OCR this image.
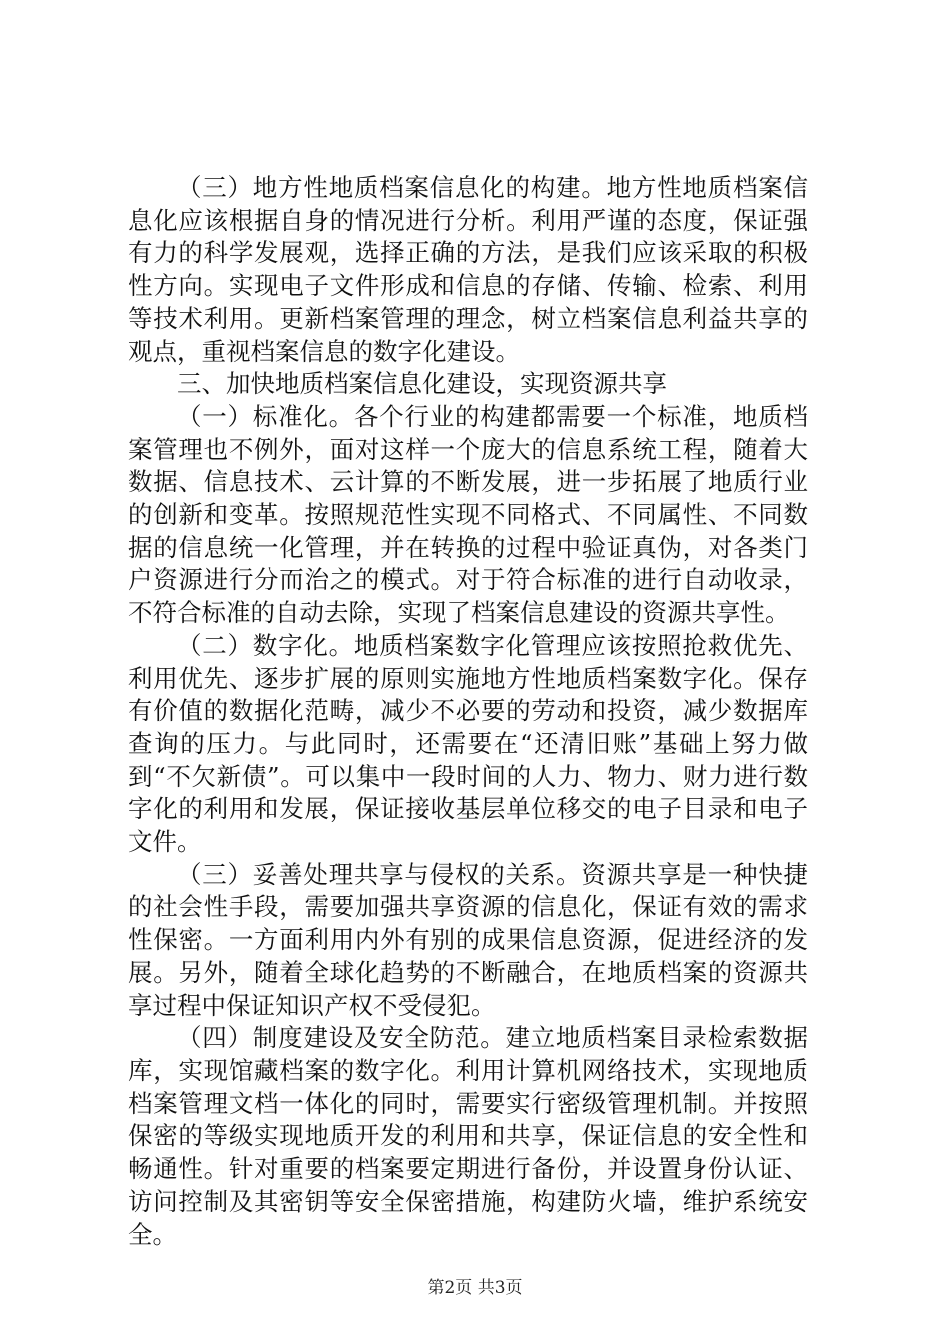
（三）地方性地质档案信息化的构建。地方性地质档案信息化应该根据自身的情况进行分析。利用严谨的态度，保证强有力的科学发展观，选择正确的方法，是我们应该采取的积极性方向。实现电子文件形成和信息的存储、传输、检索、利用等技术利用。更新档案管理的理念，树立档案信息利益共享的观点，重视档案信息的数字化建设。

三、加快地质档案信息化建设，实现资源共享

（一）标准化。各个行业的构建都需要一个标准，地质档案管理也不例外，面对这样一个庞大的信息系统工程，随着大数据、信息技术、云计算的不断发展，进一步拓展了地质行业的创新和变革。按照规范性实现不同格式、不同属性、不同数据的信息统一化管理，并在转换的过程中验证真伪，对各类门户资源进行分而治之的模式。对于符合标准的进行自动收录，不符合标准的自动去除，实现了档案信息建设的资源共享性。

（二）数字化。地质档案数字化管理应该按照抢救优先、利用优先、逐步扩展的原则实施地方性地质档案数字化。保存有价值的数据化范畴，减少不必要的劳动和投资，减少数据库查询的压力。与此同时，还需要在“还清旧账”基础上努力做到“不欠新债”。可以集中一段时间的人力、物力、财力进行数字化的利用和发展，保证接收基层单位移交的电子目录和电子文件。

（三）妥善处理共享与侵权的关系。资源共享是一种快捷的社会性手段，需要加强共享资源的信息化，保证有效的需求性保密。一方面利用内外有别的成果信息资源，促进经济的发展。另外，随着全球化趋势的不断融合，在地质档案的资源共享过程中保证知识产权不受侵犯。

（四）制度建设及安全防范。建立地质档案目录检索数据库，实现馆藏档案的数字化。利用计算机网络技术，实现地质档案管理文档一体化的同时，需要实行密级管理机制。并按照保密的等级实现地质开发的利用和共享，保证信息的安全性和畅通性。针对重要的档案要定期进行备份，并设置身份认证、访问控制及其密钥等安全保密措施，构建防火墙，维护系统安全。

第2页 共3页
